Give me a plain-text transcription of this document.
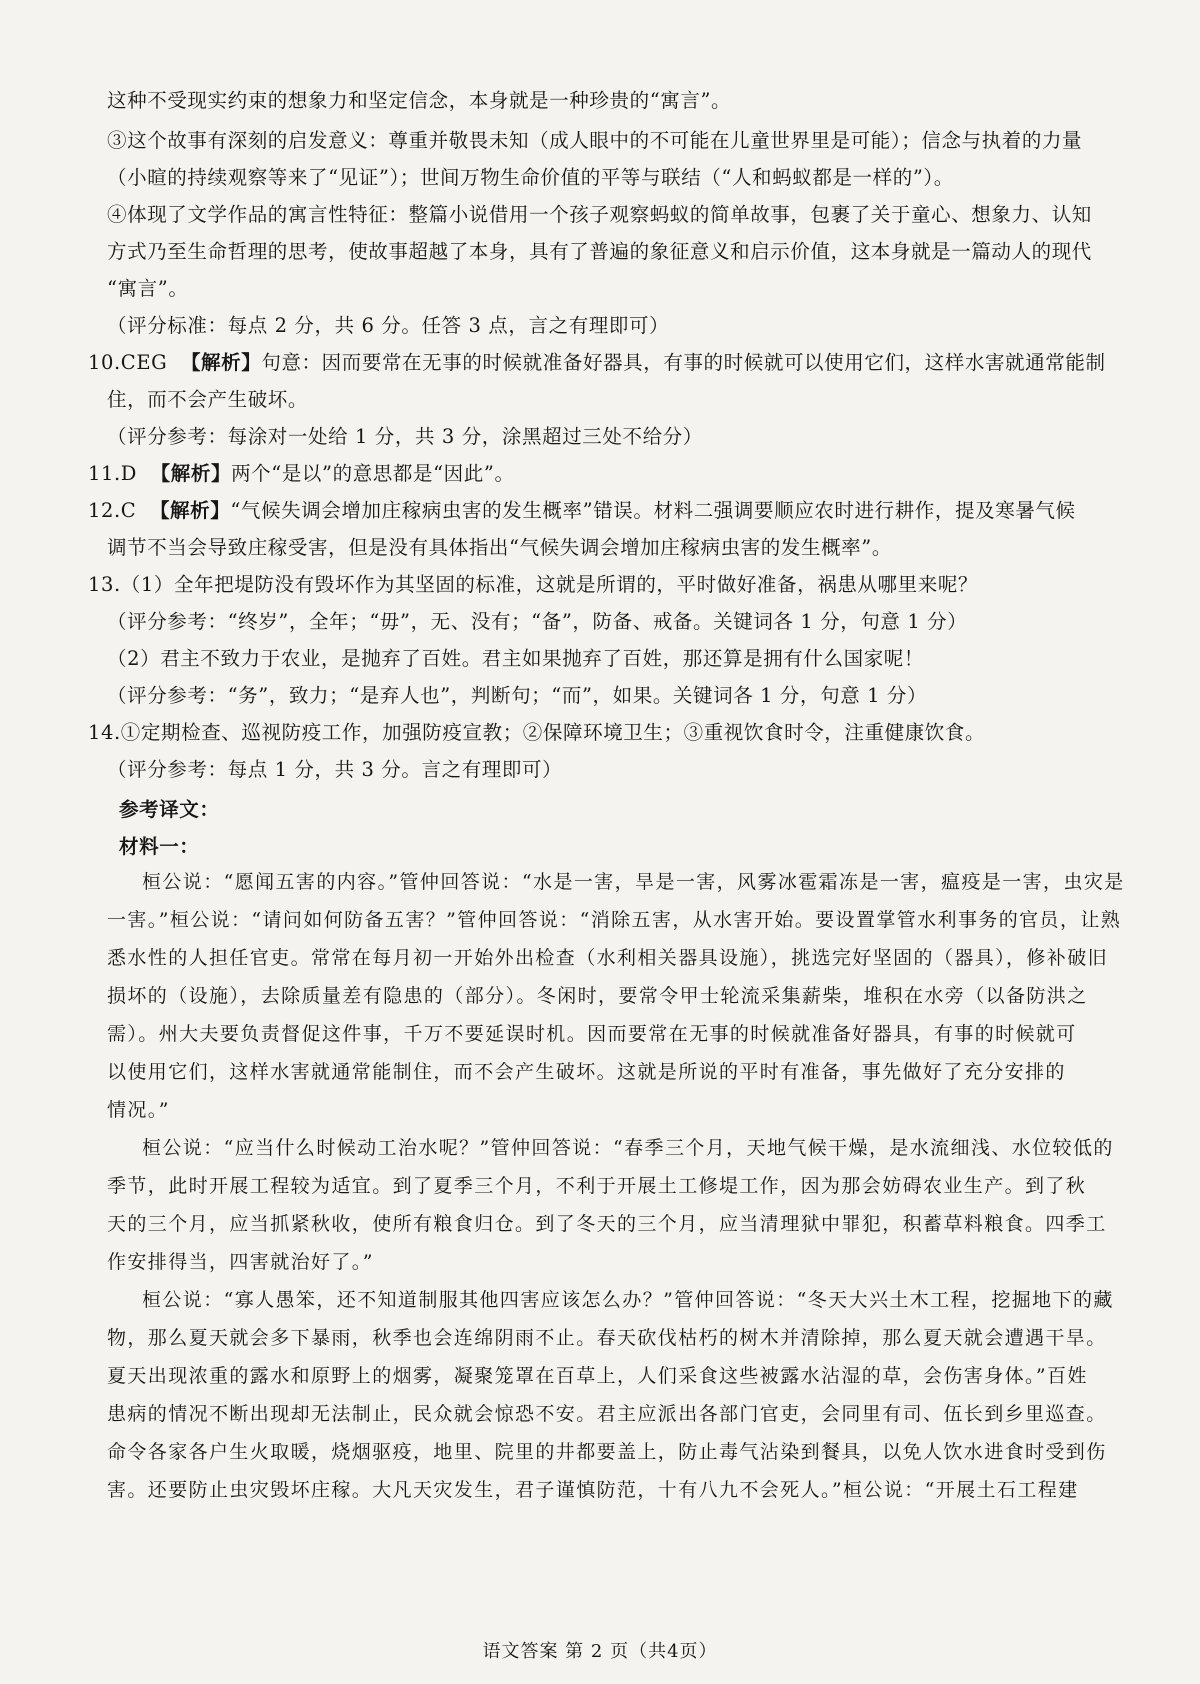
这种不受现实约束的想象力和坚定信念，本身就是一种珍贵的“寓言”。
③这个故事有深刻的启发意义：尊重并敬畏未知（成人眼中的不可能在儿童世界里是可能）；信念与执着的力量
（小暄的持续观察等来了“见证”）；世间万物生命价值的平等与联结（“人和蚂蚁都是一样的”）。
④体现了文学作品的寓言性特征：整篇小说借用一个孩子观察蚂蚁的简单故事，包裹了关于童心、想象力、认知
方式乃至生命哲理的思考，使故事超越了本身，具有了普遍的象征意义和启示价值，这本身就是一篇动人的现代
“寓言”。
（评分标准：每点 2 分，共 6 分。任答 3 点，言之有理即可）
10.CEG 【解析】句意：因而要常在无事的时候就准备好器具，有事的时候就可以使用它们，这样水害就通常能制
住，而不会产生破坏。
（评分参考：每涂对一处给 1 分，共 3 分，涂黑超过三处不给分）
11.D 【解析】两个“是以”的意思都是“因此”。
12.C 【解析】“气候失调会增加庄稼病虫害的发生概率”错误。材料二强调要顺应农时进行耕作，提及寒暑气候
调节不当会导致庄稼受害，但是没有具体指出“气候失调会增加庄稼病虫害的发生概率”。
13.（1）全年把堤防没有毁坏作为其坚固的标准，这就是所谓的，平时做好准备，祸患从哪里来呢？
（评分参考：“终岁”，全年；“毋”，无、没有；“备”，防备、戒备。关键词各 1 分，句意 1 分）
（2）君主不致力于农业，是抛弃了百姓。君主如果抛弃了百姓，那还算是拥有什么国家呢！
（评分参考：“务”，致力；“是弃人也”，判断句；“而”，如果。关键词各 1 分，句意 1 分）
14.①定期检查、巡视防疫工作，加强防疫宣教；②保障环境卫生；③重视饮食时令，注重健康饮食。
（评分参考：每点 1 分，共 3 分。言之有理即可）
参考译文：
材料一：
桓公说：“愿闻五害的内容。”管仲回答说：“水是一害，旱是一害，风雾冰雹霜冻是一害，瘟疫是一害，虫灾是
一害。”桓公说：“请问如何防备五害？”管仲回答说：“消除五害，从水害开始。要设置掌管水利事务的官员，让熟
悉水性的人担任官吏。常常在每月初一开始外出检查（水利相关器具设施），挑选完好坚固的（器具），修补破旧
损坏的（设施），去除质量差有隐患的（部分）。冬闲时，要常令甲士轮流采集薪柴，堆积在水旁（以备防洪之
需）。州大夫要负责督促这件事，千万不要延误时机。因而要常在无事的时候就准备好器具，有事的时候就可
以使用它们，这样水害就通常能制住，而不会产生破坏。这就是所说的平时有准备，事先做好了充分安排的
情况。”
桓公说：“应当什么时候动工治水呢？”管仲回答说：“春季三个月，天地气候干燥，是水流细浅、水位较低的
季节，此时开展工程较为适宜。到了夏季三个月，不利于开展土工修堤工作，因为那会妨碍农业生产。到了秋
天的三个月，应当抓紧秋收，使所有粮食归仓。到了冬天的三个月，应当清理狱中罪犯，积蓄草料粮食。四季工
作安排得当，四害就治好了。”
桓公说：“寡人愚笨，还不知道制服其他四害应该怎么办？”管仲回答说：“冬天大兴土木工程，挖掘地下的藏
物，那么夏天就会多下暴雨，秋季也会连绵阴雨不止。春天砍伐枯朽的树木并清除掉，那么夏天就会遭遇干旱。
夏天出现浓重的露水和原野上的烟雾，凝聚笼罩在百草上，人们采食这些被露水沾湿的草，会伤害身体。”百姓
患病的情况不断出现却无法制止，民众就会惊恐不安。君主应派出各部门官吏，会同里有司、伍长到乡里巡查。
命令各家各户生火取暖，烧烟驱疫，地里、院里的井都要盖上，防止毒气沾染到餐具，以免人饮水进食时受到伤
害。还要防止虫灾毁坏庄稼。大凡天灾发生，君子谨慎防范，十有八九不会死人。”桓公说：“开展土石工程建
语文答案 第 2 页（共4页）
